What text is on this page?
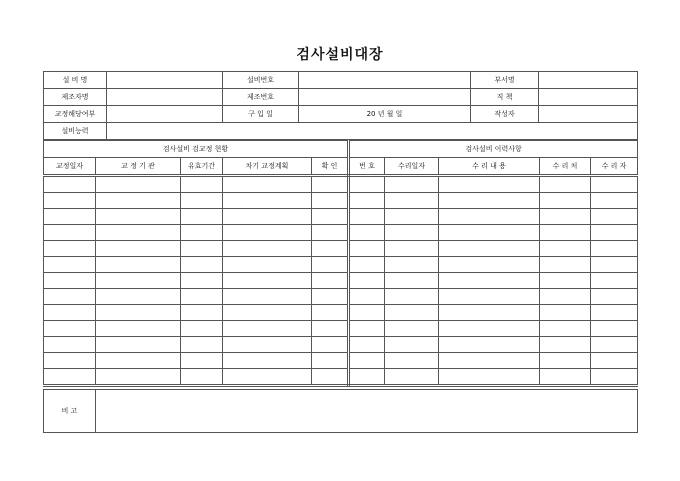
검사설비대장
설 비 명		설비번호		부서명	
제조자명		제조번호		직 책	
교정해당여부		구 입 일	20 년 월 일	작성자	
설비능력					
검사설비 검교정 현황					검사설비 이력사항				
교정일자	교 정 기 관	유효기간	차기 교정계획	확 인	번 호	수리일자	수 리 내 용	수 리 처	수 리 자

비 고	
